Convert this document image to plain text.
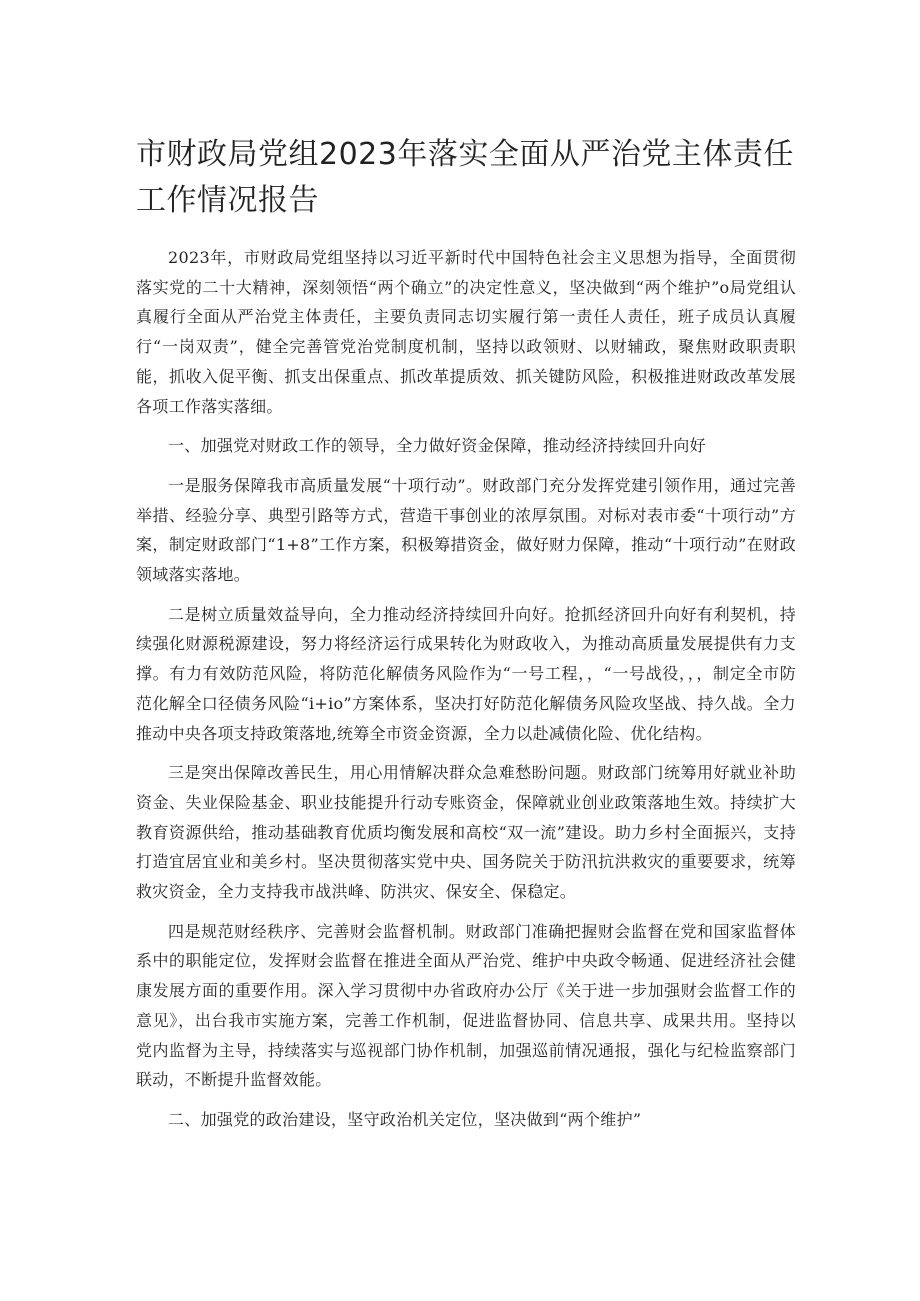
市财政局党组2023年落实全面从严治党主体责任工作情况报告

2023年，市财政局党组坚持以习近平新时代中国特色社会主义思想为指导，全面贯彻落实党的二十大精神，深刻领悟“两个确立”的决定性意义，坚决做到“两个维护”o局党组认真履行全面从严治党主体责任，主要负责同志切实履行第一责任人责任，班子成员认真履行“一岗双责”，健全完善管党治党制度机制，坚持以政领财、以财辅政，聚焦财政职责职能，抓收入促平衡、抓支出保重点、抓改革提质效、抓关键防风险，积极推进财政改革发展各项工作落实落细。

一、加强党对财政工作的领导，全力做好资金保障，推动经济持续回升向好

一是服务保障我市高质量发展“十项行动”。财政部门充分发挥党建引领作用，通过完善举措、经验分享、典型引路等方式，营造干事创业的浓厚氛围。对标对表市委“十项行动”方案，制定财政部门“1+8”工作方案，积极筹措资金，做好财力保障，推动“十项行动”在财政领域落实落地。

二是树立质量效益导向，全力推动经济持续回升向好。抢抓经济回升向好有利契机，持续强化财源税源建设，努力将经济运行成果转化为财政收入，为推动高质量发展提供有力支撑。有力有效防范风险，将防范化解债务风险作为“一号工程，，“一号战役，，，制定全市防范化解全口径债务风险“i+io”方案体系，坚决打好防范化解债务风险攻坚战、持久战。全力推动中央各项支持政策落地,统筹全市资金资源，全力以赴减债化险、优化结构。

三是突出保障改善民生，用心用情解决群众急难愁盼问题。财政部门统筹用好就业补助资金、失业保险基金、职业技能提升行动专账资金，保障就业创业政策落地生效。持续扩大教育资源供给，推动基础教育优质均衡发展和高校“双一流”建设。助力乡村全面振兴，支持打造宜居宜业和美乡村。坚决贯彻落实党中央、国务院关于防汛抗洪救灾的重要要求，统筹救灾资金，全力支持我市战洪峰、防洪灾、保安全、保稳定。

四是规范财经秩序、完善财会监督机制。财政部门准确把握财会监督在党和国家监督体系中的职能定位，发挥财会监督在推进全面从严治党、维护中央政令畅通、促进经济社会健康发展方面的重要作用。深入学习贯彻中办省政府办公厅《关于进一步加强财会监督工作的意见》，出台我市实施方案，完善工作机制，促进监督协同、信息共享、成果共用。坚持以党内监督为主导，持续落实与巡视部门协作机制，加强巡前情况通报，强化与纪检监察部门联动，不断提升监督效能。

二、加强党的政治建设，坚守政治机关定位，坚决做到“两个维护”
